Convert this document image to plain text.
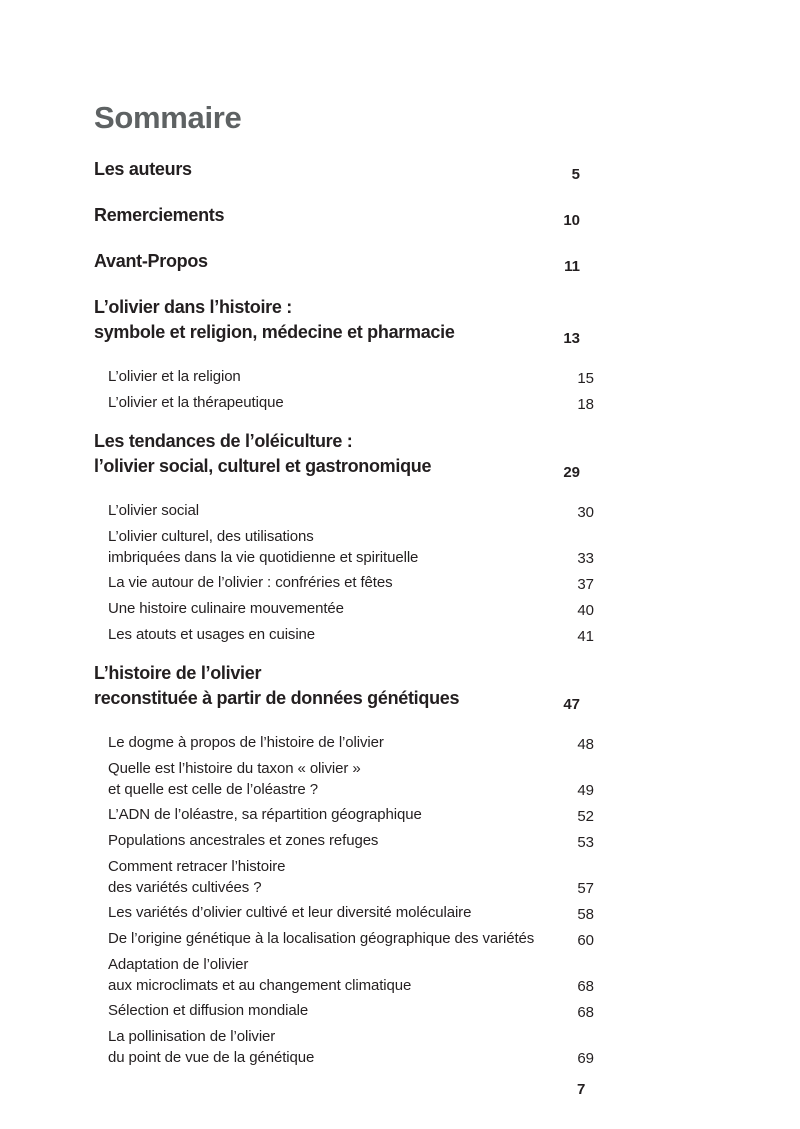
Sommaire
Les auteurs	5
Remerciements	10
Avant-Propos	11
L’olivier dans l’histoire :
symbole et religion, médecine et pharmacie	13
L’olivier et la religion	15
L’olivier et la thérapeutique	18
Les tendances de l’oléiculture :
l’olivier social, culturel et gastronomique	29
L’olivier social	30
L’olivier culturel, des utilisations
imbriquées dans la vie quotidienne et spirituelle	33
La vie autour de l’olivier : confréries et fêtes	37
Une histoire culinaire mouvementée	40
Les atouts et usages en cuisine	41
L’histoire de l’olivier
reconstituée à partir de données génétiques	47
Le dogme à propos de l’histoire de l’olivier	48
Quelle est l’histoire du taxon « olivier »
et quelle est celle de l’oléastre ?	49
L’ADN de l’oléastre, sa répartition géographique	52
Populations ancestrales et zones refuges	53
Comment retracer l’histoire
des variétés cultivées ?	57
Les variétés d’olivier cultivé et leur diversité moléculaire	58
De l’origine génétique à la localisation géographique des variétés	60
Adaptation de l’olivier
aux microclimats et au changement climatique	68
Sélection et diffusion mondiale	68
La pollinisation de l’olivier
du point de vue de la génétique	69
7
